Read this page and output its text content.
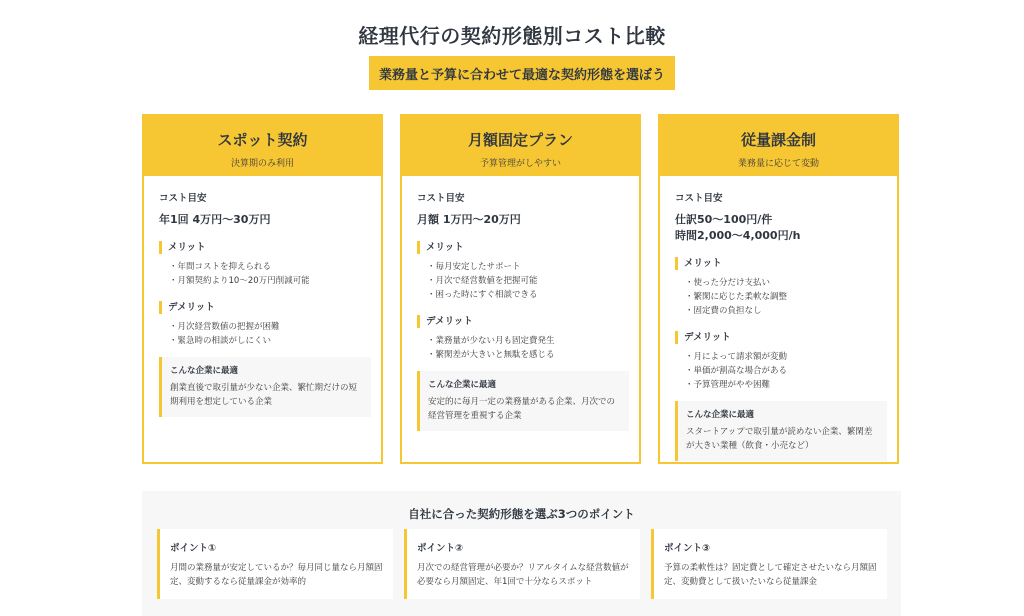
経理代行の契約形態別コスト比較
業務量と予算に合わせて最適な契約形態を選ぼう
スポット契約
決算期のみ利用
コスト目安
年1回 4万円〜30万円
メリット
・年間コストを抑えられる
・月額契約より10〜20万円削減可能
デメリット
・月次経営数値の把握が困難
・緊急時の相談がしにくい
こんな企業に最適
創業直後で取引量が少ない企業、繁忙期だけの短期利用を想定している企業
月額固定プラン
予算管理がしやすい
コスト目安
月額 1万円〜20万円
メリット
・毎月安定したサポート
・月次で経営数値を把握可能
・困った時にすぐ相談できる
デメリット
・業務量が少ない月も固定費発生
・繁閑差が大きいと無駄を感じる
こんな企業に最適
安定的に毎月一定の業務量がある企業、月次での経営管理を重視する企業
従量課金制
業務量に応じて変動
コスト目安
仕訳50〜100円/件
時間2,000〜4,000円/h
メリット
・使った分だけ支払い
・繁閑に応じた柔軟な調整
・固定費の負担なし
デメリット
・月によって請求額が変動
・単価が割高な場合がある
・予算管理がやや困難
こんな企業に最適
スタートアップで取引量が読めない企業、繁閑差が大きい業種（飲食・小売など）
自社に合った契約形態を選ぶ3つのポイント
ポイント①
月間の業務量が安定しているか？毎月同じ量なら月額固定、変動するなら従量課金が効率的
ポイント②
月次での経営管理が必要か？リアルタイムな経営数値が必要なら月額固定、年1回で十分ならスポット
ポイント③
予算の柔軟性は？固定費として確定させたいなら月額固定、変動費として扱いたいなら従量課金
